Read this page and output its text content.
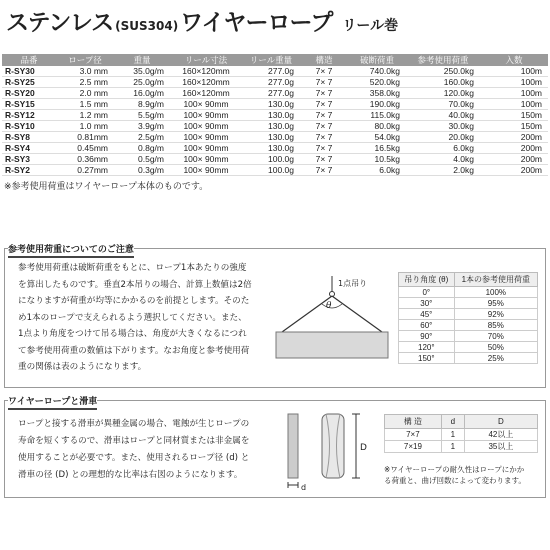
ステンレス (SUS304) ワイヤーロープ リール巻
品番	ロープ径	重量	リール寸法	リール重量	構造	破断荷重	参考使用荷重	入数
R-SY30	3.0 mm	35.0g/m	160×120mm	277.0g	7× 7	740.0kg	250.0kg	100m
R-SY25	2.5 mm	25.0g/m	160×120mm	277.0g	7× 7	520.0kg	160.0kg	100m
R-SY20	2.0 mm	16.0g/m	160×120mm	277.0g	7× 7	358.0kg	120.0kg	100m
R-SY15	1.5 mm	8.9g/m	100× 90mm	130.0g	7× 7	190.0kg	70.0kg	100m
R-SY12	1.2 mm	5.5g/m	100× 90mm	130.0g	7× 7	115.0kg	40.0kg	150m
R-SY10	1.0 mm	3.9g/m	100× 90mm	130.0g	7× 7	80.0kg	30.0kg	150m
R-SY8	0.81mm	2.5g/m	100× 90mm	130.0g	7× 7	54.0kg	20.0kg	200m
R-SY4	0.45mm	0.8g/m	100× 90mm	130.0g	7× 7	16.5kg	6.0kg	200m
R-SY3	0.36mm	0.5g/m	100× 90mm	100.0g	7× 7	10.5kg	4.0kg	200m
R-SY2	0.27mm	0.3g/m	100× 90mm	100.0g	7× 7	6.0kg	2.0kg	200m
※参考使用荷重はワイヤーロープ本体のものです。
参考使用荷重についてのご注意
参考使用荷重は破断荷重をもとに、ロープ1本あたりの強度
を算出したものです。垂直2本吊りの場合、計算上数値は2倍
になりますが荷重が均等にかかるのを前提とします。そのた
め1本のロープで支えられるよう選択してください。また、
1点より角度をつけて吊る場合は、角度が大きくなるにつれ
て参考使用荷重の数値は下がります。なお角度と参考使用荷
重の関係は表のようになります。
1点吊り
θ
吊り角度 (θ)	1本の参考使用荷重
0°	100%
30°	95%
45°	92%
60°	85%
90°	70%
120°	50%
150°	25%
ワイヤーロープと滑車
ロープと接する滑車が異種金属の場合、電蝕が生じロープの
寿命を短くするので、滑車はロープと同材質または非金属を
使用することが必要です。また、使用されるロープ径 (d) と
滑車の径 (D) との理想的な比率は右図のようになります。
d
D
構 造	d	D
7×7	1	42以上
7×19	1	35以上
※ワイヤーロープの耐久性はロープにかか
る荷重と、曲げ回数によって変わります。
